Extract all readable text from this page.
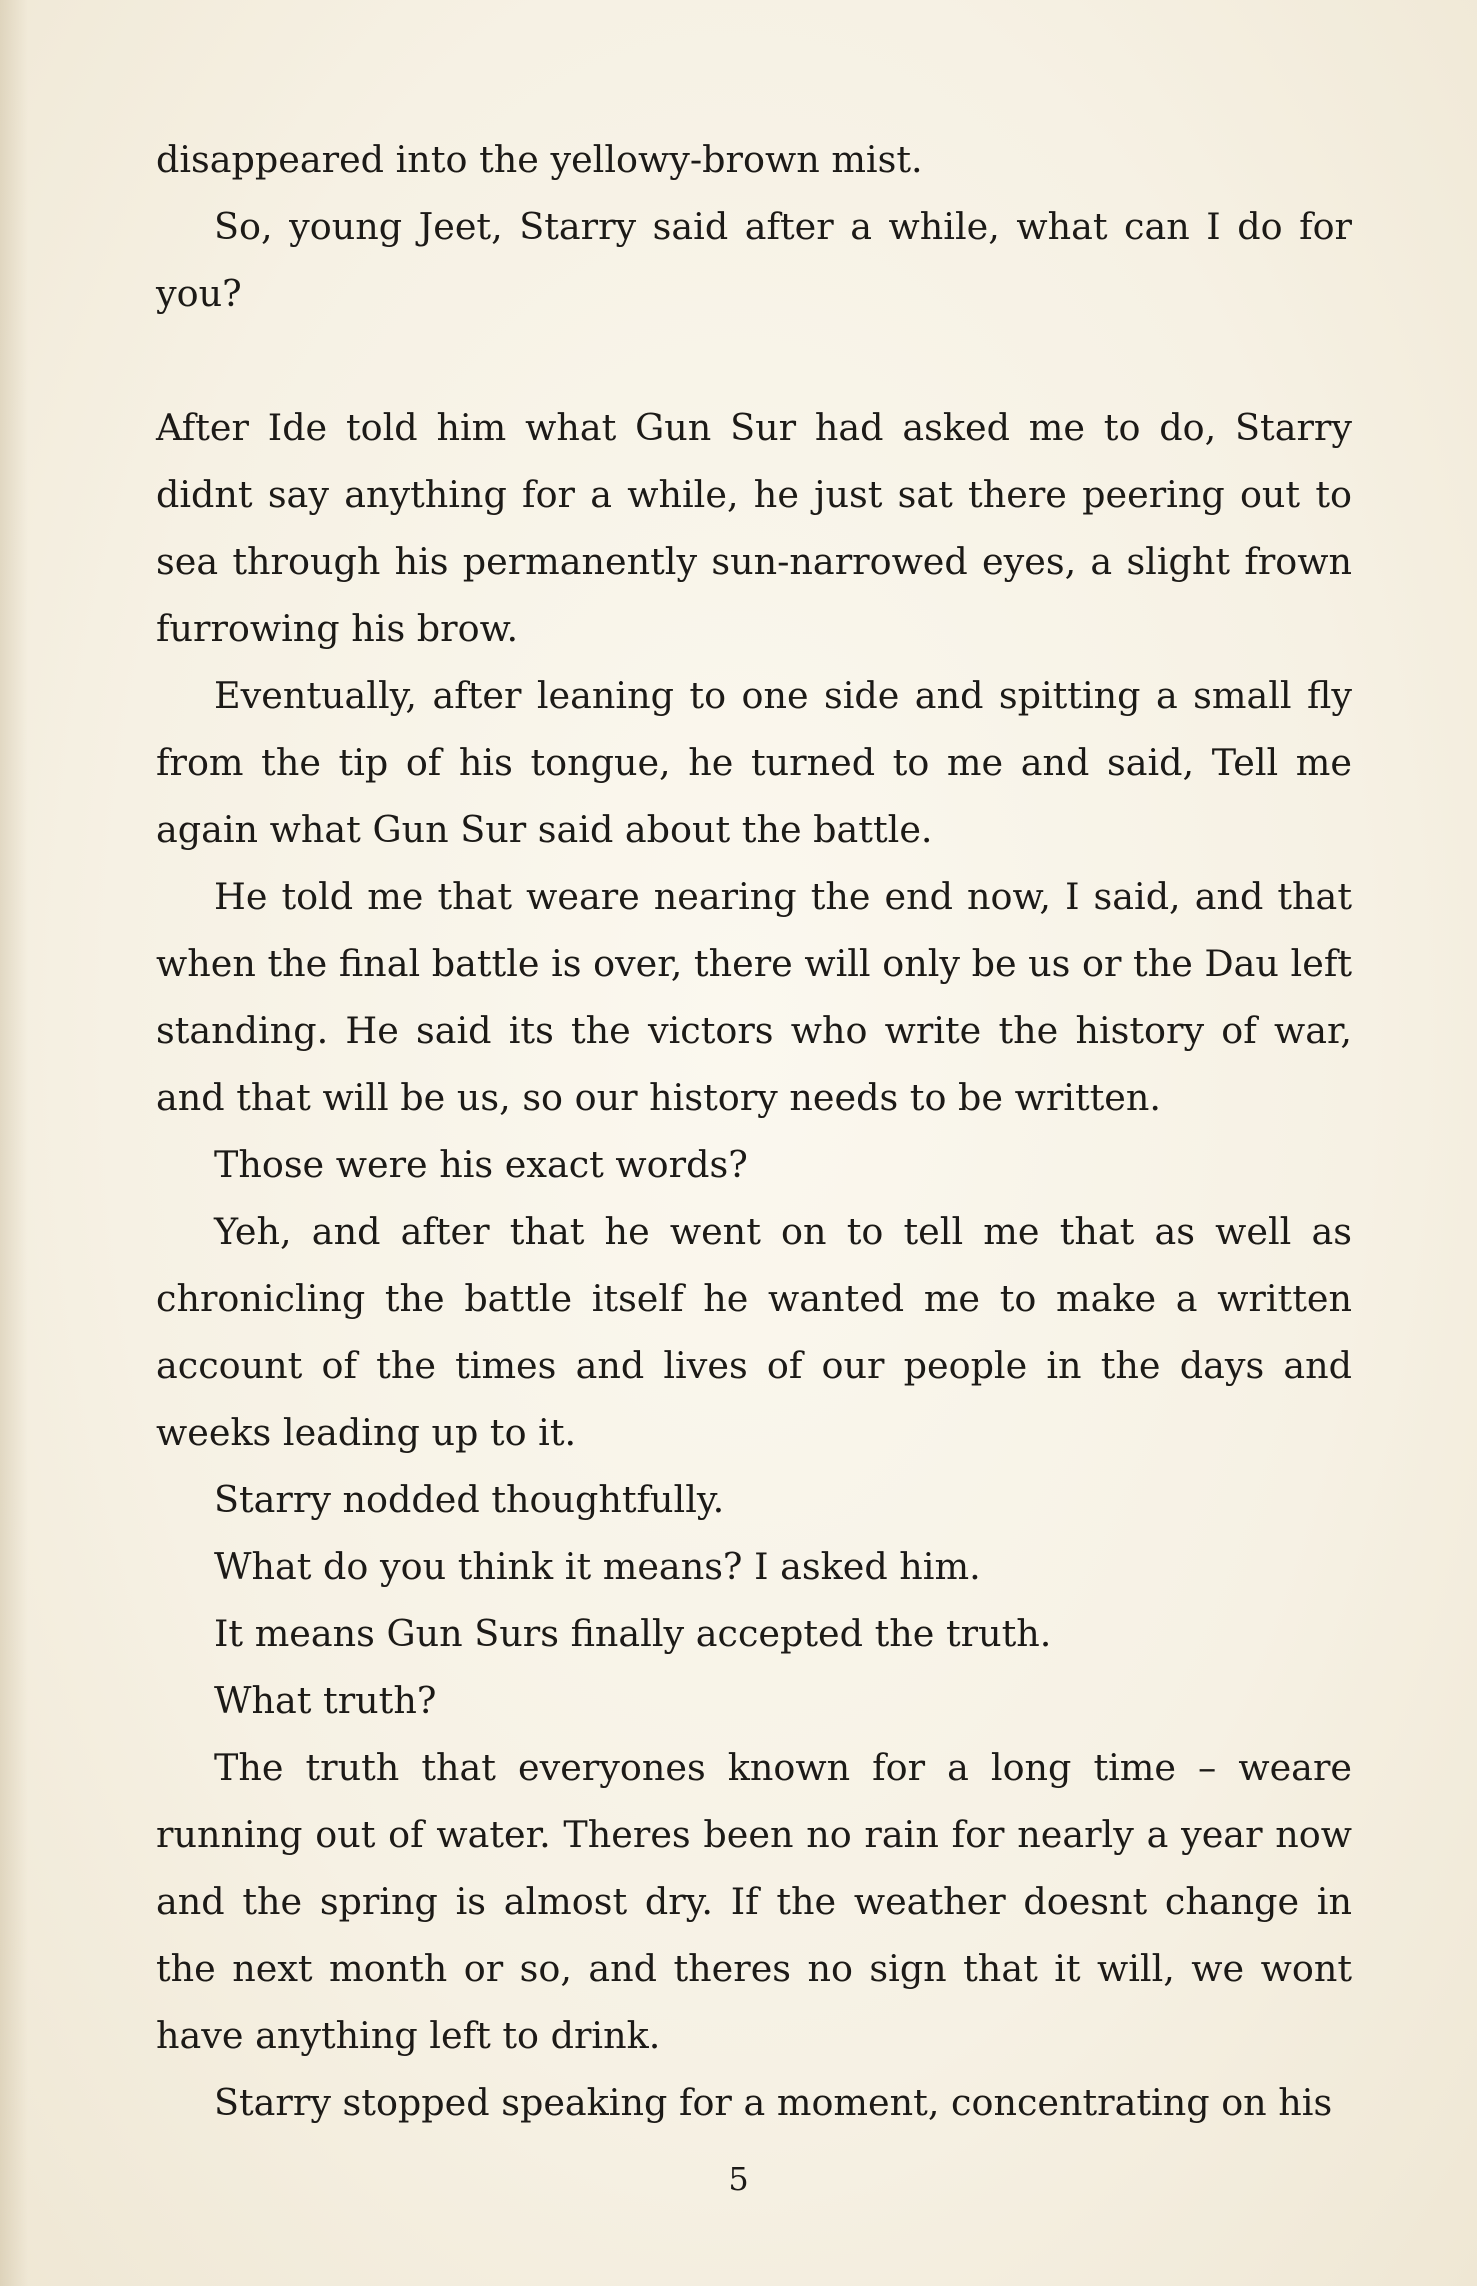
disappeared into the yellowy-brown mist.

So, young Jeet, Starry said after a while, what can I do for you?

After Ide told him what Gun Sur had asked me to do, Starry didnt say anything for a while, he just sat there peering out to sea through his permanently sun-narrowed eyes, a slight frown furrowing his brow.

Eventually, after leaning to one side and spitting a small fly from the tip of his tongue, he turned to me and said, Tell me again what Gun Sur said about the battle.

He told me that weare nearing the end now, I said, and that when the final battle is over, there will only be us or the Dau left standing. He said its the victors who write the history of war, and that will be us, so our history needs to be written.

Those were his exact words?

Yeh, and after that he went on to tell me that as well as chronicling the battle itself he wanted me to make a written account of the times and lives of our people in the days and weeks leading up to it.

Starry nodded thoughtfully.

What do you think it means? I asked him.

It means Gun Surs finally accepted the truth.

What truth?

The truth that everyones known for a long time – weare running out of water. Theres been no rain for nearly a year now and the spring is almost dry. If the weather doesnt change in the next month or so, and theres no sign that it will, we wont have anything left to drink.

Starry stopped speaking for a moment, concentrating on his

5
